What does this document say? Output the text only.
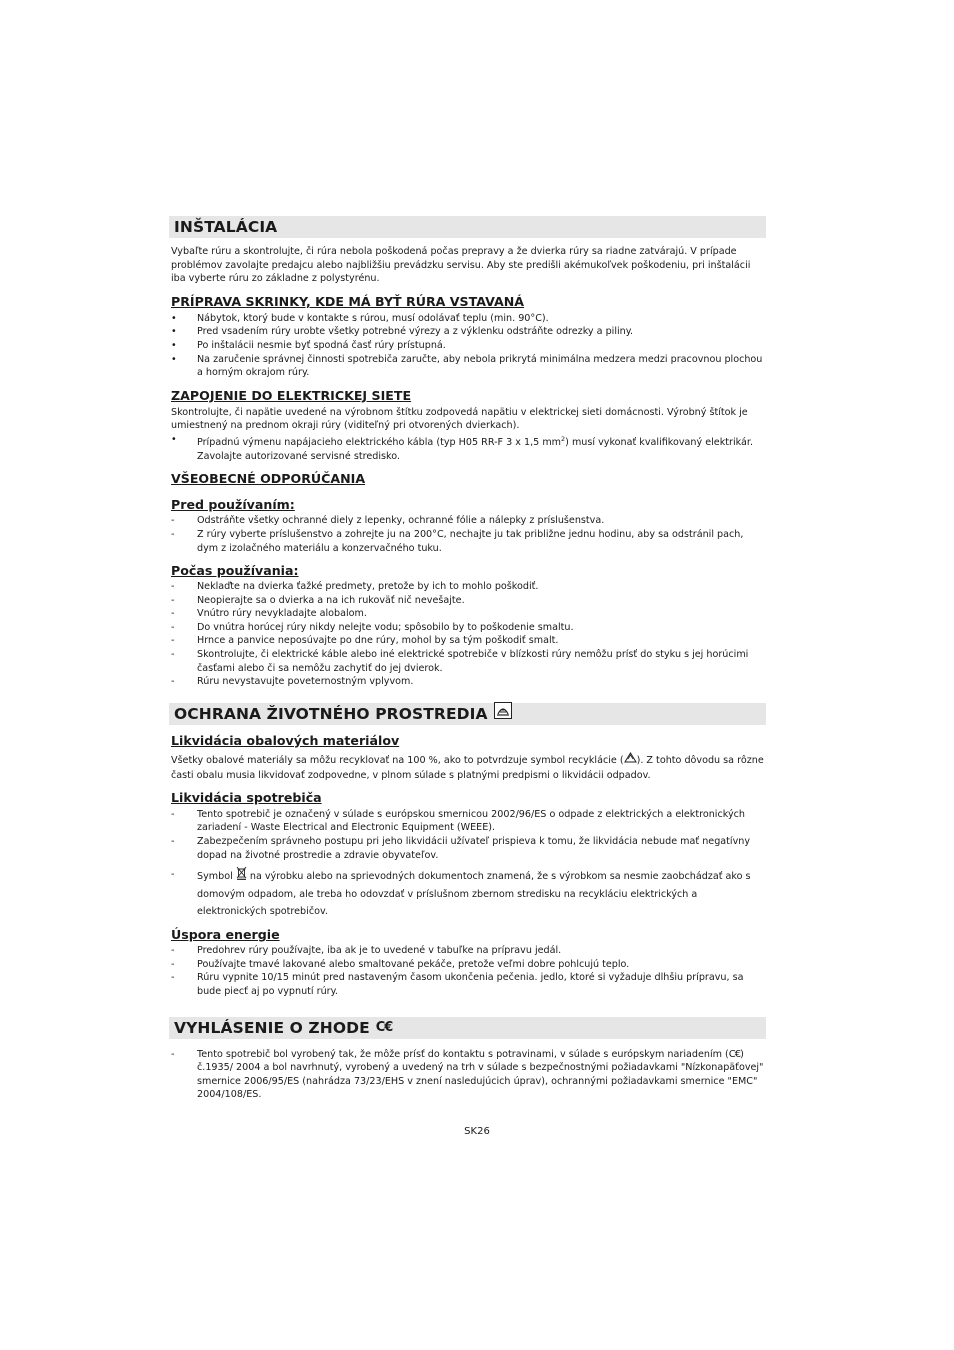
INŠTALÁCIA

Vybaľte rúru a skontrolujte, či rúra nebola poškodená počas prepravy a že dvierka rúry sa riadne zatvárajú. V prípade problémov zavolajte predajcu alebo najbližšiu prevádzku servisu. Aby ste predišli akémukoľvek poškodeniu, pri inštalácii iba vyberte rúru zo základne z polystyrénu.

PRÍPRAVA SKRINKY, KDE MÁ BYŤ RÚRA VSTAVANÁ
• Nábytok, ktorý bude v kontakte s rúrou, musí odolávať teplu (min. 90°C).
• Pred vsadením rúry urobte všetky potrebné výrezy a z výklenku odstráňte odrezky a piliny.
• Po inštalácii nesmie byť spodná časť rúry prístupná.
• Na zaručenie správnej činnosti spotrebiča zaručte, aby nebola prikrytá minimálna medzera medzi pracovnou plochou a horným okrajom rúry.
ZAPOJENIE DO ELEKTRICKEJ SIETE

Skontrolujte, či napätie uvedené na výrobnom štítku zodpovedá napätiu v elektrickej sieti domácnosti. Výrobný štítok je umiestnený na prednom okraji rúry (viditeľný pri otvorených dvierkach).

• Prípadnú výmenu napájacieho elektrického kábla (typ H05 RR-F 3 x 1,5 $mm^2$) musí vykonať kvalifikovaný elektrikár. Zavolajte autorizované servisné stredisko.
VŠEOBECNÉ ODPORÚČANIA
Pred používaním:
- Odstráňte všetky ochranné diely z lepenky, ochranné fólie a nálepky z príslušenstva.
- Z rúry vyberte príslušenstvo a zohrejte ju na 200°C, nechajte ju tak približne jednu hodinu, aby sa odstránil pach, dym z izolačného materiálu a konzervačného tuku.
Počas používania:
- Neklaďte na dvierka ťažké predmety, pretože by ich to mohlo poškodiť.
- Neopierajte sa o dvierka a na ich rukoväť nič nevešajte.
- Vnútro rúry nevykladajte alobalom.
- Do vnútra horúcej rúry nikdy nelejte vodu; spôsobilo by to poškodenie smaltu.
- Hrnce a panvice neposúvajte po dne rúry, mohol by sa tým poškodiť smalt.
- Skontrolujte, či elektrické káble alebo iné elektrické spotrebiče v blízkosti rúry nemôžu prísť do styku s jej horúcimi časťami alebo či sa nemôžu zachytiť do jej dvierok.
- Rúru nevystavujte poveternostným vplyvom.
OCHRANA ŽIVOTNÉHO PROSTREDIA
Likvidácia obalových materiálov

Všetky obalové materiály sa môžu recyklovať na 100 %, ako to potvrdzuje symbol recyklácie ( ). Z tohto dôvodu sa rôzne časti obalu musia likvidovať zodpovedne, v plnom súlade s platnými predpismi o likvidácii odpadov.

Likvidácia spotrebiča
- Tento spotrebič je označený v súlade s európskou smernicou 2002/96/ES o odpade z elektrických a elektronických zariadení - Waste Electrical and Electronic Equipment (WEEE).
- Zabezpečením správneho postupu pri jeho likvidácii užívateľ prispieva k tomu, že likvidácia nebude mať negatívny dopad na životné prostredie a zdravie obyvateľov.
- Symbol na výrobku alebo na sprievodných dokumentoch znamená, že s výrobkom sa nesmie zaobchádzať ako s domovým odpadom, ale treba ho odovzdať v príslušnom zbernom stredisku na recykláciu elektrických a elektronických spotrebičov.
Úspora energie
- Predohrev rúry používajte, iba ak je to uvedené v tabuľke na prípravu jedál.
- Používajte tmavé lakované alebo smaltované pekáče, pretože veľmi dobre pohlcujú teplo.
- Rúru vypnite 10/15 minút pred nastaveným časom ukončenia pečenia. jedlo, ktoré si vyžaduje dlhšiu prípravu, sa bude piecť aj po vypnutí rúry.
VYHLÁSENIE O ZHODE C€
- Tento spotrebič bol vyrobený tak, že môže prísť do kontaktu s potravinami, v súlade s európskym nariadením (C€) č.1935/ 2004 a bol navrhnutý, vyrobený a uvedený na trh v súlade s bezpečnostnými požiadavkami "Nízkonapäťovej" smernice 2006/95/ES (nahrádza 73/23/EHS v znení nasledujúcich úprav), ochrannými požiadavkami smernice "EMC" 2004/108/ES.
SK26
